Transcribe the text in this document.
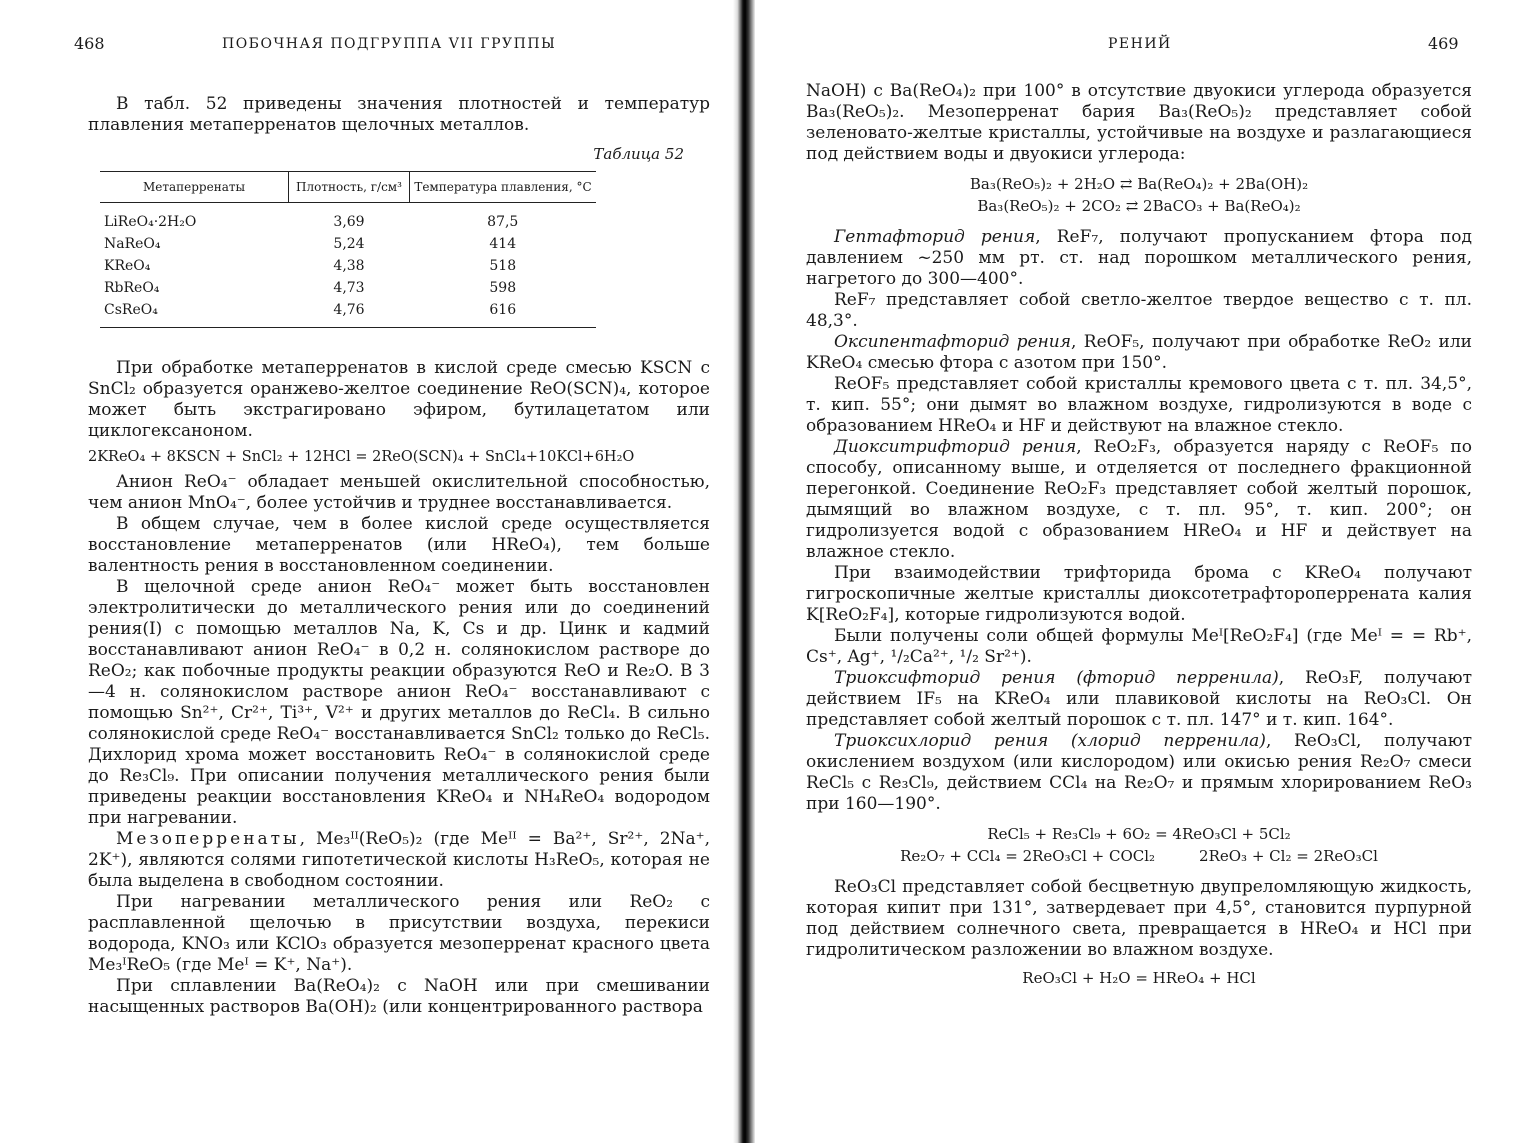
468	ПОБОЧНАЯ ПОДГРУППА VII ГРУППЫ

В табл. 52 приведены значения плотностей и температур плавления метаперренатов щелочных металлов.

Таблица 52
Метаперренаты	Плотность, г/см³	Температура плавления, °С
LiReO₄·2H₂O	3,69	87,5
NaReO₄	5,24	414
KReO₄	4,38	518
RbReO₄	4,73	598
CsReO₄	4,76	616

При обработке метаперренатов в кислой среде смесью KSCN с SnCl₂ образуется оранжево-желтое соединение ReO(SCN)₄, которое может быть экстрагировано эфиром, бутилацетатом или циклогексаноном.

2KReO₄ + 8KSCN + SnCl₂ + 12HCl = 2ReO(SCN)₄ + SnCl₄+10KCl+6H₂O

Анион ReO₄⁻ обладает меньшей окислительной способностью, чем анион MnO₄⁻, более устойчив и труднее восстанавливается.

В общем случае, чем в более кислой среде осуществляется восстановление метаперренатов (или HReO₄), тем больше валентность рения в восстановленном соединении.

В щелочной среде анион ReO₄⁻ может быть восстановлен электролитически до металлического рения или до соединений рения(I) с помощью металлов Na, K, Cs и др. Цинк и кадмий восстанавливают анион ReO₄⁻ в 0,2 н. солянокислом растворе до ReO₂; как побочные продукты реакции образуются ReO и Re₂O. В 3—4 н. солянокислом растворе анион ReO₄⁻ восстанавливают с помощью Sn²⁺, Cr²⁺, Ti³⁺, V²⁺ и других металлов до ReCl₄. В сильно солянокислой среде ReO₄⁻ восстанавливается SnCl₂ только до ReCl₅. Дихлорид хрома может восстановить ReO₄⁻ в солянокислой среде до Re₃Cl₉. При описании получения металлического рения были приведены реакции восстановления KReO₄ и NH₄ReO₄ водородом при нагревании.

Мезоперренаты, Me₃ᴵᴵ(ReO₅)₂ (где Meᴵᴵ = Ba²⁺, Sr²⁺, 2Na⁺, 2K⁺), являются солями гипотетической кислоты H₃ReO₅, которая не была выделена в свободном состоянии.

При нагревании металлического рения или ReO₂ с расплавленной щелочью в присутствии воздуха, перекиси водорода, KNO₃ или KClO₃ образуется мезоперренат красного цвета Me₃ᴵReO₅ (где Meᴵ = K⁺, Na⁺).

При сплавлении Ba(ReO₄)₂ с NaOH или при смешивании насыщенных растворов Ba(OH)₂ (или концентрированного раствора

РЕНИЙ	469

NaOH) с Ba(ReO₄)₂ при 100° в отсутствие двуокиси углерода образуется Ba₃(ReO₅)₂. Мезоперренат бария Ba₃(ReO₅)₂ представляет собой зеленовато-желтые кристаллы, устойчивые на воздухе и разлагающиеся под действием воды и двуокиси углерода:

Ba₃(ReO₅)₂ + 2H₂O ⇄ Ba(ReO₄)₂ + 2Ba(OH)₂
Ba₃(ReO₅)₂ + 2CO₂ ⇄ 2BaCO₃ + Ba(ReO₄)₂

Гептафторид рения, ReF₇, получают пропусканием фтора под давлением ~250 мм рт. ст. над порошком металлического рения, нагретого до 300—400°.

ReF₇ представляет собой светло-желтое твердое вещество с т. пл. 48,3°.

Оксипентафторид рения, ReOF₅, получают при обработке ReO₂ или KReO₄ смесью фтора с азотом при 150°.

ReOF₅ представляет собой кристаллы кремового цвета с т. пл. 34,5°, т. кип. 55°; они дымят во влажном воздухе, гидролизуются в воде с образованием HReO₄ и HF и действуют на влажное стекло.

Диокситрифторид рения, ReO₂F₃, образуется наряду с ReOF₅ по способу, описанному выше, и отделяется от последнего фракционной перегонкой. Соединение ReO₂F₃ представляет собой желтый порошок, дымящий во влажном воздухе, с т. пл. 95°, т. кип. 200°; он гидролизуется водой с образованием HReO₄ и HF и действует на влажное стекло.

При взаимодействии трифторида брома с KReO₄ получают гигроскопичные желтые кристаллы диоксотетрафтороперрената калия K[ReO₂F₄], которые гидролизуются водой.

Были получены соли общей формулы Meᴵ[ReO₂F₄] (где Meᴵ = = Rb⁺, Cs⁺, Ag⁺, ¹/₂Ca²⁺, ¹/₂ Sr²⁺).

Триоксифторид рения (фторид перренила), ReO₃F, получают действием IF₅ на KReO₄ или плавиковой кислоты на ReO₃Cl. Он представляет собой желтый порошок с т. пл. 147° и т. кип. 164°.

Триоксихлорид рения (хлорид перренила), ReO₃Cl, получают окислением воздухом (или кислородом) или окисью рения Re₂O₇ смеси ReCl₅ с Re₃Cl₉, действием CCl₄ на Re₂O₇ и прямым хлорированием ReO₃ при 160—190°.

ReCl₅ + Re₃Cl₉ + 6O₂ = 4ReO₃Cl + 5Cl₂
Re₂O₇ + CCl₄ = 2ReO₃Cl + COCl₂	2ReO₃ + Cl₂ = 2ReO₃Cl

ReO₃Cl представляет собой бесцветную двупреломляющую жидкость, которая кипит при 131°, затвердевает при 4,5°, становится пурпурной под действием солнечного света, превращается в HReO₄ и HCl при гидролитическом разложении во влажном воздухе.

ReO₃Cl + H₂O = HReO₄ + HCl
